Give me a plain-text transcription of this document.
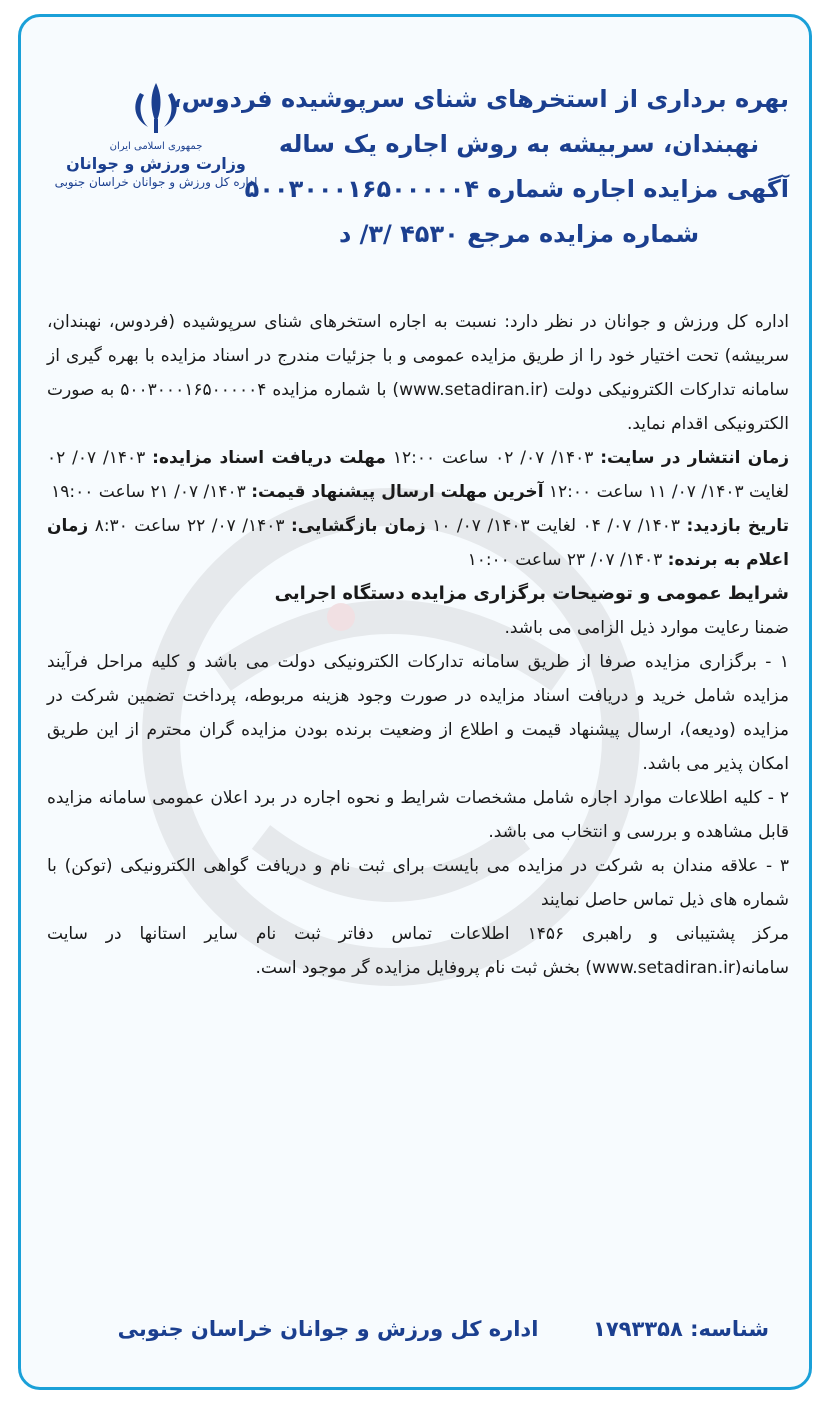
جمهوری اسلامی ایران
وزارت ورزش و جوانان
اداره کل ورزش و جوانان خراسان جنوبی
بهره برداری از استخرهای شنای سرپوشیده فردوس،
نهبندان، سربیشه به روش اجاره یک ساله
آگهی مزایده اجاره شماره ۵۰۰۳۰۰۰۱۶۵۰۰۰۰۰۴
شماره مزایده مرجع ۴۵۳۰ /۳/ د

اداره کل ورزش و جوانان در نظر دارد: نسبت به اجاره استخرهای شنای سرپوشیده (فردوس، نهبندان، سربیشه) تحت اختیار خود را از طریق مزایده عمومی و با جزئیات مندرج در اسناد مزایده با بهره گیری از سامانه تدارکات الکترونیکی دولت (www.setadiran.ir) با شماره مزایده ۵۰۰۳۰۰۰۱۶۵۰۰۰۰۰۴ به صورت الکترونیکی اقدام نماید.

زمان انتشار در سایت: ۱۴۰۳/ ۰۷/ ۰۲ ساعت ۱۲:۰۰ مهلت دریافت اسناد مزایده: ۱۴۰۳/ ۰۷/ ۰۲ لغایت ۱۴۰۳/ ۰۷/ ۱۱ ساعت ۱۲:۰۰ آخرین مهلت ارسال پیشنهاد قیمت: ۱۴۰۳/ ۰۷/ ۲۱ ساعت ۱۹:۰۰

تاریخ بازدید: ۱۴۰۳/ ۰۷/ ۰۴ لغایت ۱۴۰۳/ ۰۷/ ۱۰ زمان بازگشایی: ۱۴۰۳/ ۰۷/ ۲۲ ساعت ۸:۳۰ زمان اعلام به برنده: ۱۴۰۳/ ۰۷/ ۲۳ ساعت ۱۰:۰۰

شرایط عمومی و توضیحات برگزاری مزایده دستگاه اجرایی

ضمنا رعایت موارد ذیل الزامی می باشد.

۱ - برگزاری مزایده صرفا از طریق سامانه تدارکات الکترونیکی دولت می باشد و کلیه مراحل فرآیند مزایده شامل خرید و دریافت اسناد مزایده در صورت وجود هزینه مربوطه، پرداخت تضمین شرکت در مزایده (ودیعه)، ارسال پیشنهاد قیمت و اطلاع از وضعیت برنده بودن مزایده گران محترم از این طریق امکان پذیر می باشد.

۲ - کلیه اطلاعات موارد اجاره شامل مشخصات شرایط و نحوه اجاره در برد اعلان عمومی سامانه مزایده قابل مشاهده و بررسی و انتخاب می باشد.

۳ - علاقه مندان به شرکت در مزایده می بایست برای ثبت نام و دریافت گواهی الکترونیکی (توکن) با شماره های ذیل تماس حاصل نمایند

مرکز پشتیبانی و راهبری ۱۴۵۶ اطلاعات تماس دفاتر ثبت نام سایر استانها در سایت سامانه(www.setadiran.ir) بخش ثبت نام پروفایل مزایده گر موجود است.

شناسه: ۱۷۹۳۳۵۸  اداره کل ورزش و جوانان خراسان جنوبی
